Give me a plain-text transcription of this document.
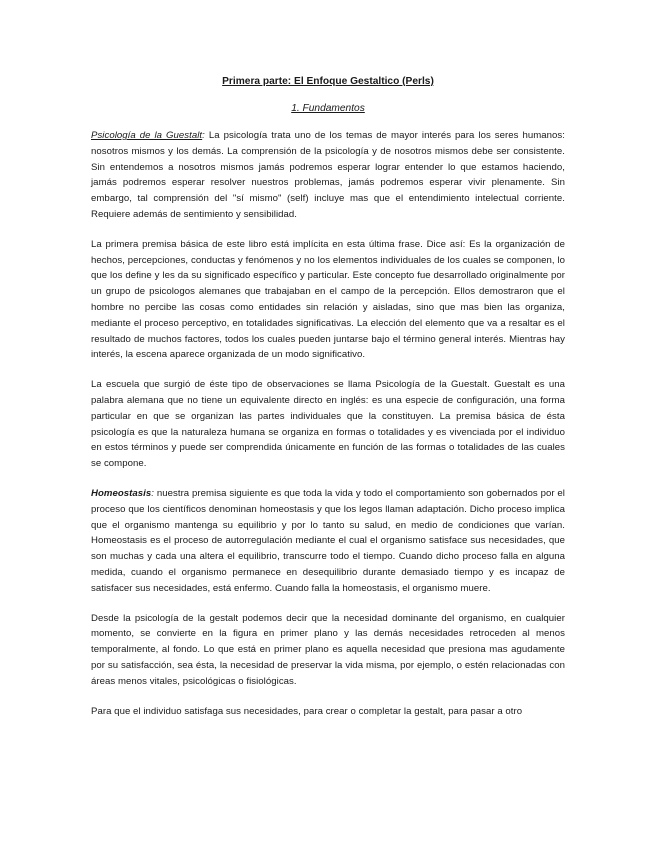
Primera parte: El Enfoque Gestaltico (Perls)

1. Fundamentos

Psicología de la Guestalt: La psicología trata uno de los temas de mayor interés para los seres humanos: nosotros mismos y los demás. La comprensión de la psicología y de nosotros mismos debe ser consistente. Sin entendemos a nosotros mismos jamás podremos esperar lograr entender lo que estamos haciendo, jamás podremos esperar resolver nuestros problemas, jamás podremos esperar vivir plenamente. Sin embargo, tal comprensión del "sí mismo" (self) incluye mas que el entendimiento intelectual corriente. Requiere además de sentimiento y sensibilidad.

La primera premisa básica de este libro está implícita en esta última frase. Dice así: Es la organización de hechos, percepciones, conductas y fenómenos y no los elementos individuales de los cuales se componen, lo que los define y les da su significado específico y particular. Este concepto fue desarrollado originalmente por un grupo de psicologos alemanes que trabajaban en el campo de la percepción. Ellos demostraron que el hombre no percibe las cosas como entidades sin relación y aisladas, sino que mas bien las organiza, mediante el proceso perceptivo, en totalidades significativas. La elección del elemento que va a resaltar es el resultado de muchos factores, todos los cuales pueden juntarse bajo el término general interés. Mientras hay interés, la escena aparece organizada de un modo significativo.

La escuela que surgió de éste tipo de observaciones se llama Psicología de la Guestalt. Guestalt es una palabra alemana que no tiene un equivalente directo en inglés: es una especie de configuración, una forma particular en que se organizan las partes individuales que la constituyen. La premisa básica de ésta psicología es que la naturaleza humana se organiza en formas o totalidades y es vivenciada por el individuo en estos términos y puede ser comprendida únicamente en función de las formas o totalidades de las cuales se compone.

Homeostasis: nuestra premisa siguiente es que toda la vida y todo el comportamiento son gobernados por el proceso que los científicos denominan homeostasis y que los legos llaman adaptación. Dicho proceso implica que el organismo mantenga su equilibrio y por lo tanto su salud, en medio de condiciones que varían. Homeostasis es el proceso de autorregulación mediante el cual el organismo satisface sus necesidades, que son muchas y cada una altera el equilibrio, transcurre todo el tiempo. Cuando dicho proceso falla en alguna medida, cuando el organismo permanece en desequilibrio durante demasiado tiempo y es incapaz de satisfacer sus necesidades, está enfermo. Cuando falla la homeostasis, el organismo muere.

Desde la psicología de la gestalt podemos decir que la necesidad dominante del organismo, en cualquier momento, se convierte en la figura en primer plano y las demás necesidades retroceden al menos temporalmente, al fondo. Lo que está en primer plano es aquella necesidad que presiona mas agudamente por su satisfacción, sea ésta, la necesidad de preservar la vida misma, por ejemplo, o estén relacionadas con áreas menos vitales, psicológicas o fisiológicas.

Para que el individuo satisfaga sus necesidades, para crear o completar la gestalt, para pasar a otro
